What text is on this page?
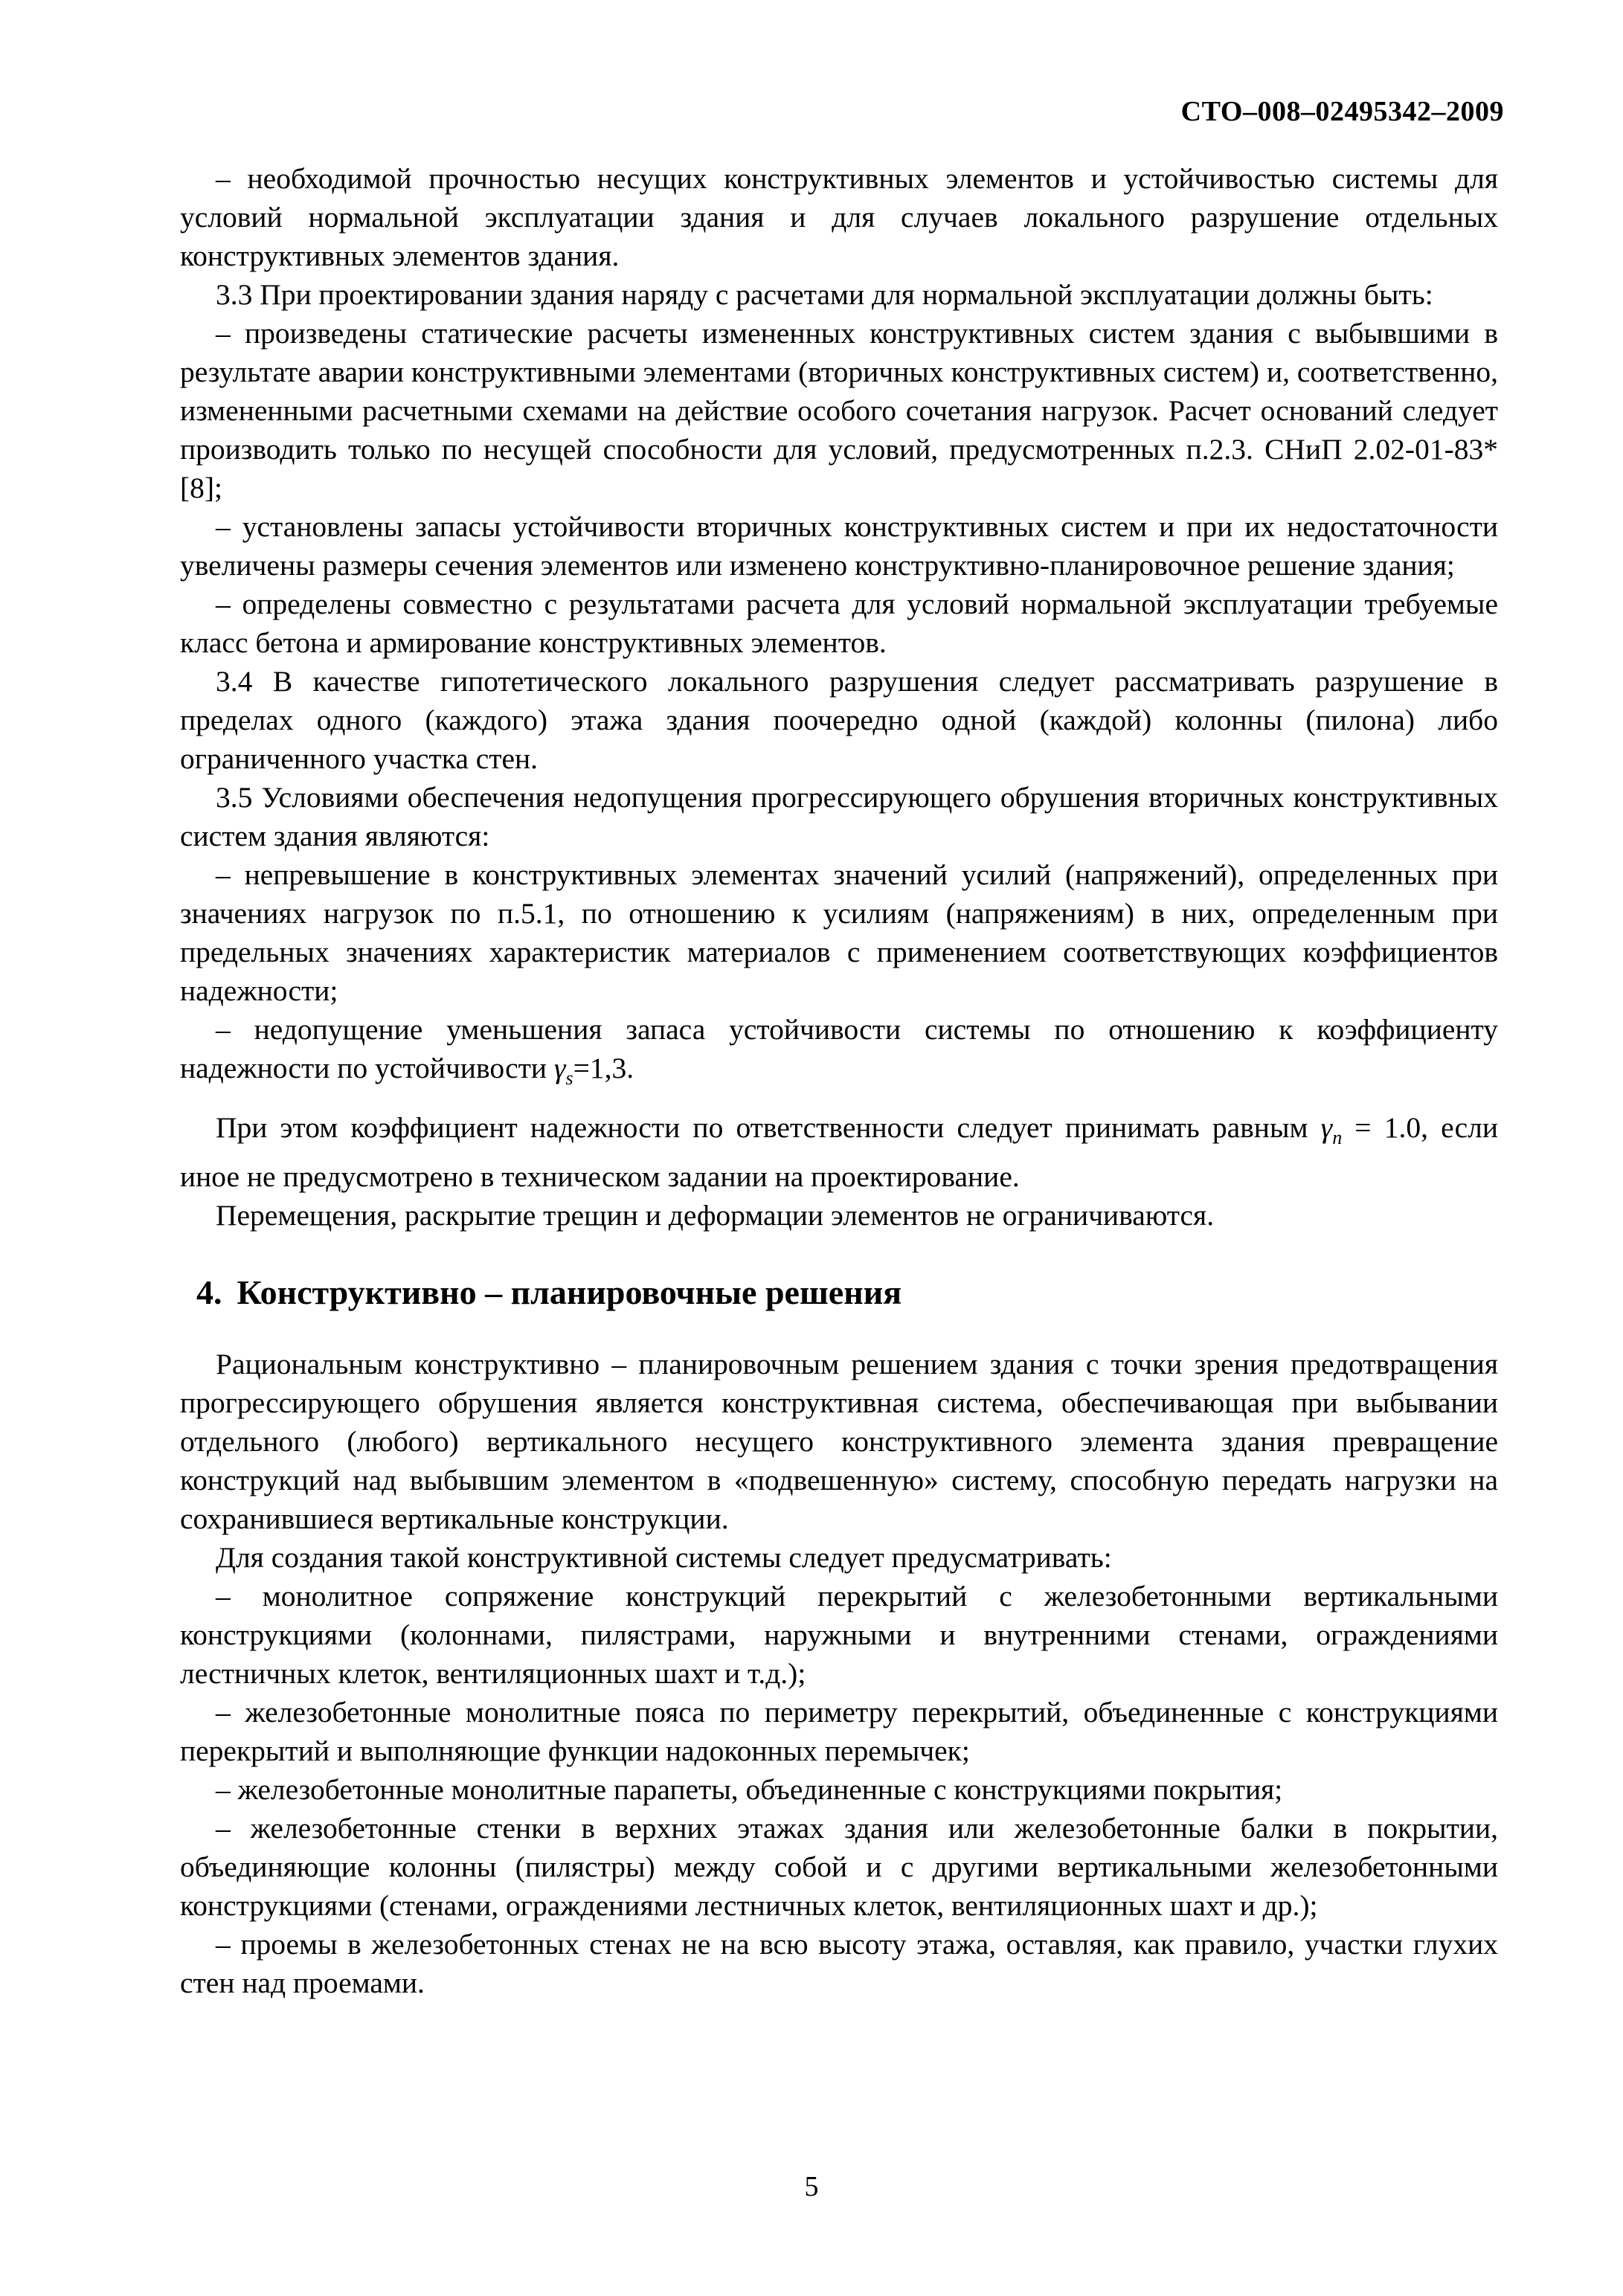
СТО–008–02495342–2009

– необходимой прочностью несущих конструктивных элементов и устойчивостью системы для условий нормальной эксплуатации здания и для случаев локального разрушение отдельных конструктивных элементов здания.

3.3 При проектировании здания наряду с расчетами для нормальной эксплуатации должны быть:

– произведены статические расчеты измененных конструктивных систем здания с выбывшими в результате аварии конструктивными элементами (вторичных конструктивных систем) и, соответственно, измененными расчетными схемами на действие особого сочетания нагрузок. Расчет оснований следует производить только по несущей способности для условий, предусмотренных п.2.3. СНиП 2.02-01-83* [8];

– установлены запасы устойчивости вторичных конструктивных систем и при их недостаточности увеличены размеры сечения элементов или изменено конструктивно-планировочное решение здания;

– определены совместно с результатами расчета для условий нормальной эксплуатации требуемые класс бетона и армирование конструктивных элементов.

3.4 В качестве гипотетического локального разрушения следует рассматривать разрушение в пределах одного (каждого) этажа здания поочередно одной (каждой) колонны (пилона) либо ограниченного участка стен.

3.5 Условиями обеспечения недопущения прогрессирующего обрушения вторичных конструктивных систем здания являются:

– непревышение в конструктивных элементах значений усилий (напряжений), определенных при значениях нагрузок по п.5.1, по отношению к усилиям (напряжениям) в них, определенным при предельных значениях характеристик материалов с применением соответствующих коэффициентов надежности;

– недопущение уменьшения запаса устойчивости системы по отношению к коэффициенту надежности по устойчивости $\gamma_s=1,3$.

При этом коэффициент надежности по ответственности следует принимать равным $\gamma_n = 1.0$, если иное не предусмотрено в техническом задании на проектирование.

Перемещения, раскрытие трещин и деформации элементов не ограничиваются.

4. Конструктивно – планировочные решения

Рациональным конструктивно – планировочным решением здания с точки зрения предотвращения прогрессирующего обрушения является конструктивная система, обеспечивающая при выбывании отдельного (любого) вертикального несущего конструктивного элемента здания превращение конструкций над выбывшим элементом в «подвешенную» систему, способную передать нагрузки на сохранившиеся вертикальные конструкции.

Для создания такой конструктивной системы следует предусматривать:

– монолитное сопряжение конструкций перекрытий с железобетонными вертикальными конструкциями (колоннами, пилястрами, наружными и внутренними стенами, ограждениями лестничных клеток, вентиляционных шахт и т.д.);

– железобетонные монолитные пояса по периметру перекрытий, объединенные с конструкциями перекрытий и выполняющие функции надоконных перемычек;

– железобетонные монолитные парапеты, объединенные с конструкциями покрытия;

– железобетонные стенки в верхних этажах здания или железобетонные балки в покрытии, объединяющие колонны (пилястры) между собой и с другими вертикальными железобетонными конструкциями (стенами, ограждениями лестничных клеток, вентиляционных шахт и др.);

– проемы в железобетонных стенах не на всю высоту этажа, оставляя, как правило, участки глухих стен над проемами.

5
